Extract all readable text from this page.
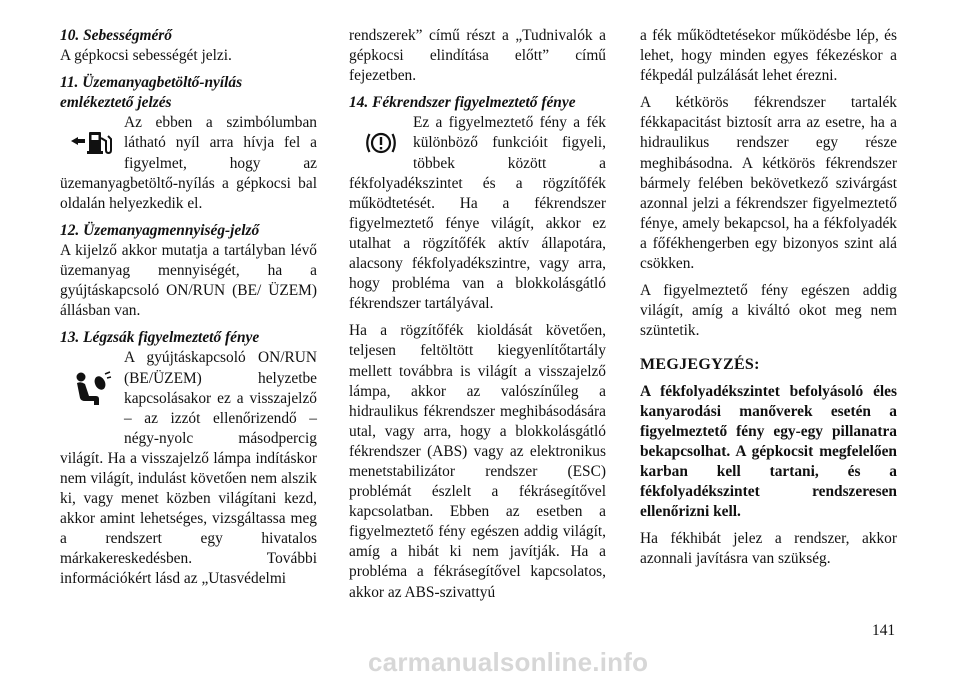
10. Sebességmérő

A gépkocsi sebességét jelzi.

11. Üzemanyagbetöltő-nyílás emlékeztető jelzés

Az ebben a szimbólumban látható nyíl arra hívja fel a figyelmet, hogy az üzemanyagbetöltő-nyílás a gépkocsi bal oldalán helyezkedik el.

12. Üzemanyagmennyiség-jelző

A kijelző akkor mutatja a tartályban lévő üzemanyag mennyiségét, ha a gyújtáskapcsoló ON/RUN (BE/ ÜZEM) állásban van.

13. Légzsák figyelmeztető fénye

A gyújtáskapcsoló ON/RUN (BE/ÜZEM) helyzetbe kapcsolásakor ez a visszajelző – az izzót ellenőrizendő – négy-nyolc másodpercig világít. Ha a visszajelző lámpa indításkor nem világít, indulást követően nem alszik ki, vagy menet közben világítani kezd, akkor amint lehetséges, vizsgáltassa meg a rendszert egy hivatalos márkakereskedésben. További információkért lásd az „Utasvédelmi

rendszerek” című részt a „Tudnivalók a gépkocsi elindítása előtt” című fejezetben.

14. Fékrendszer figyelmeztető fénye

Ez a figyelmeztető fény a fék különböző funkcióit figyeli, többek között a fékfolyadékszintet és a rögzítőfék működtetését. Ha a fékrendszer figyelmeztető fénye világít, akkor ez utalhat a rögzítőfék aktív állapotára, alacsony fékfolyadékszintre, vagy arra, hogy probléma van a blokkolásgátló fékrendszer tartályával.

Ha a rögzítőfék kioldását követően, teljesen feltöltött kiegyenlítőtartály mellett továbbra is világít a visszajelző lámpa, akkor az valószínűleg a hidraulikus fékrendszer meghibásodására utal, vagy arra, hogy a blokkolásgátló fékrendszer (ABS) vagy az elektronikus menetstabilizátor rendszer (ESC) problémát észlelt a fékrásegítővel kapcsolatban. Ebben az esetben a figyelmeztető fény egészen addig világít, amíg a hibát ki nem javítják. Ha a probléma a fékrásegítővel kapcsolatos, akkor az ABS-szivattyú

a fék működtetésekor működésbe lép, és lehet, hogy minden egyes fékezéskor a fékpedál pulzálását lehet érezni.

A kétkörös fékrendszer tartalék fékkapacitást biztosít arra az esetre, ha a hidraulikus rendszer egy része meghibásodna. A kétkörös fékrendszer bármely felében bekövetkező szivárgást azonnal jelzi a fékrendszer figyelmeztető fénye, amely bekapcsol, ha a fékfolyadék a főfékhengerben egy bizonyos szint alá csökken.

A figyelmeztető fény egészen addig világít, amíg a kiváltó okot meg nem szüntetik.

MEGJEGYZÉS:

A fékfolyadékszintet befolyásoló éles kanyarodási manőverek esetén a figyelmeztető fény egy-egy pillanatra bekapcsolhat. A gépkocsit megfelelően karban kell tartani, és a fékfolyadékszintet rendszeresen ellenőrizni kell.

Ha fékhibát jelez a rendszer, akkor azonnali javításra van szükség.

141
carmanualsonline.info
